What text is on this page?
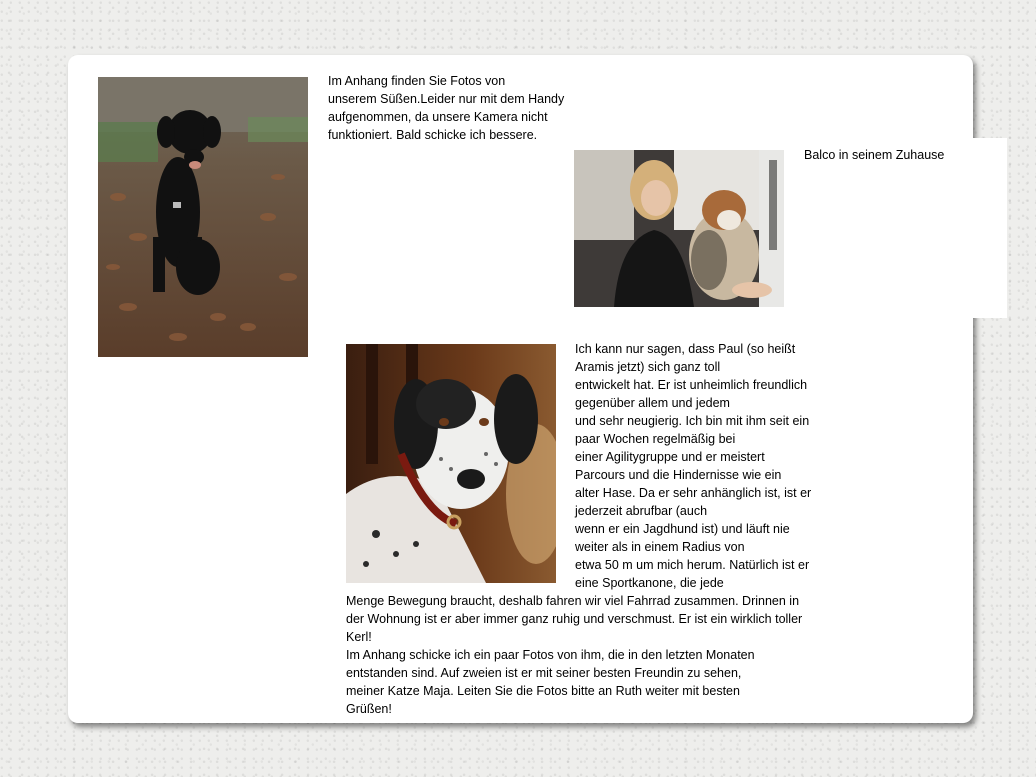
Im Anhang finden Sie Fotos von
unserem Süßen.Leider nur mit dem Handy
aufgenommen, da unsere Kamera nicht
funktioniert. Bald schicke ich bessere.
Balco in seinem Zuhause
Ich kann nur sagen, dass Paul (so heißt
Aramis jetzt) sich ganz toll
entwickelt hat. Er ist unheimlich freundlich
gegenüber allem und jedem
und sehr neugierig. Ich bin mit ihm seit ein
paar Wochen regelmäßig bei
einer Agilitygruppe und er meistert
Parcours und die Hindernisse wie ein
alter Hase. Da er sehr anhänglich ist, ist er
jederzeit abrufbar (auch
wenn er ein Jagdhund ist) und läuft nie
weiter als in einem Radius von
etwa 50 m um mich herum. Natürlich ist er
eine Sportkanone, die jede
Menge Bewegung braucht, deshalb fahren wir viel Fahrrad zusammen. Drinnen in
der Wohnung ist er aber immer ganz ruhig und verschmust. Er ist ein wirklich toller
Kerl!
Im Anhang schicke ich ein paar Fotos von ihm, die in den letzten Monaten
entstanden sind. Auf zweien ist er mit seiner besten Freundin zu sehen,
meiner Katze Maja. Leiten Sie die Fotos bitte an Ruth weiter mit besten
Grüßen!
